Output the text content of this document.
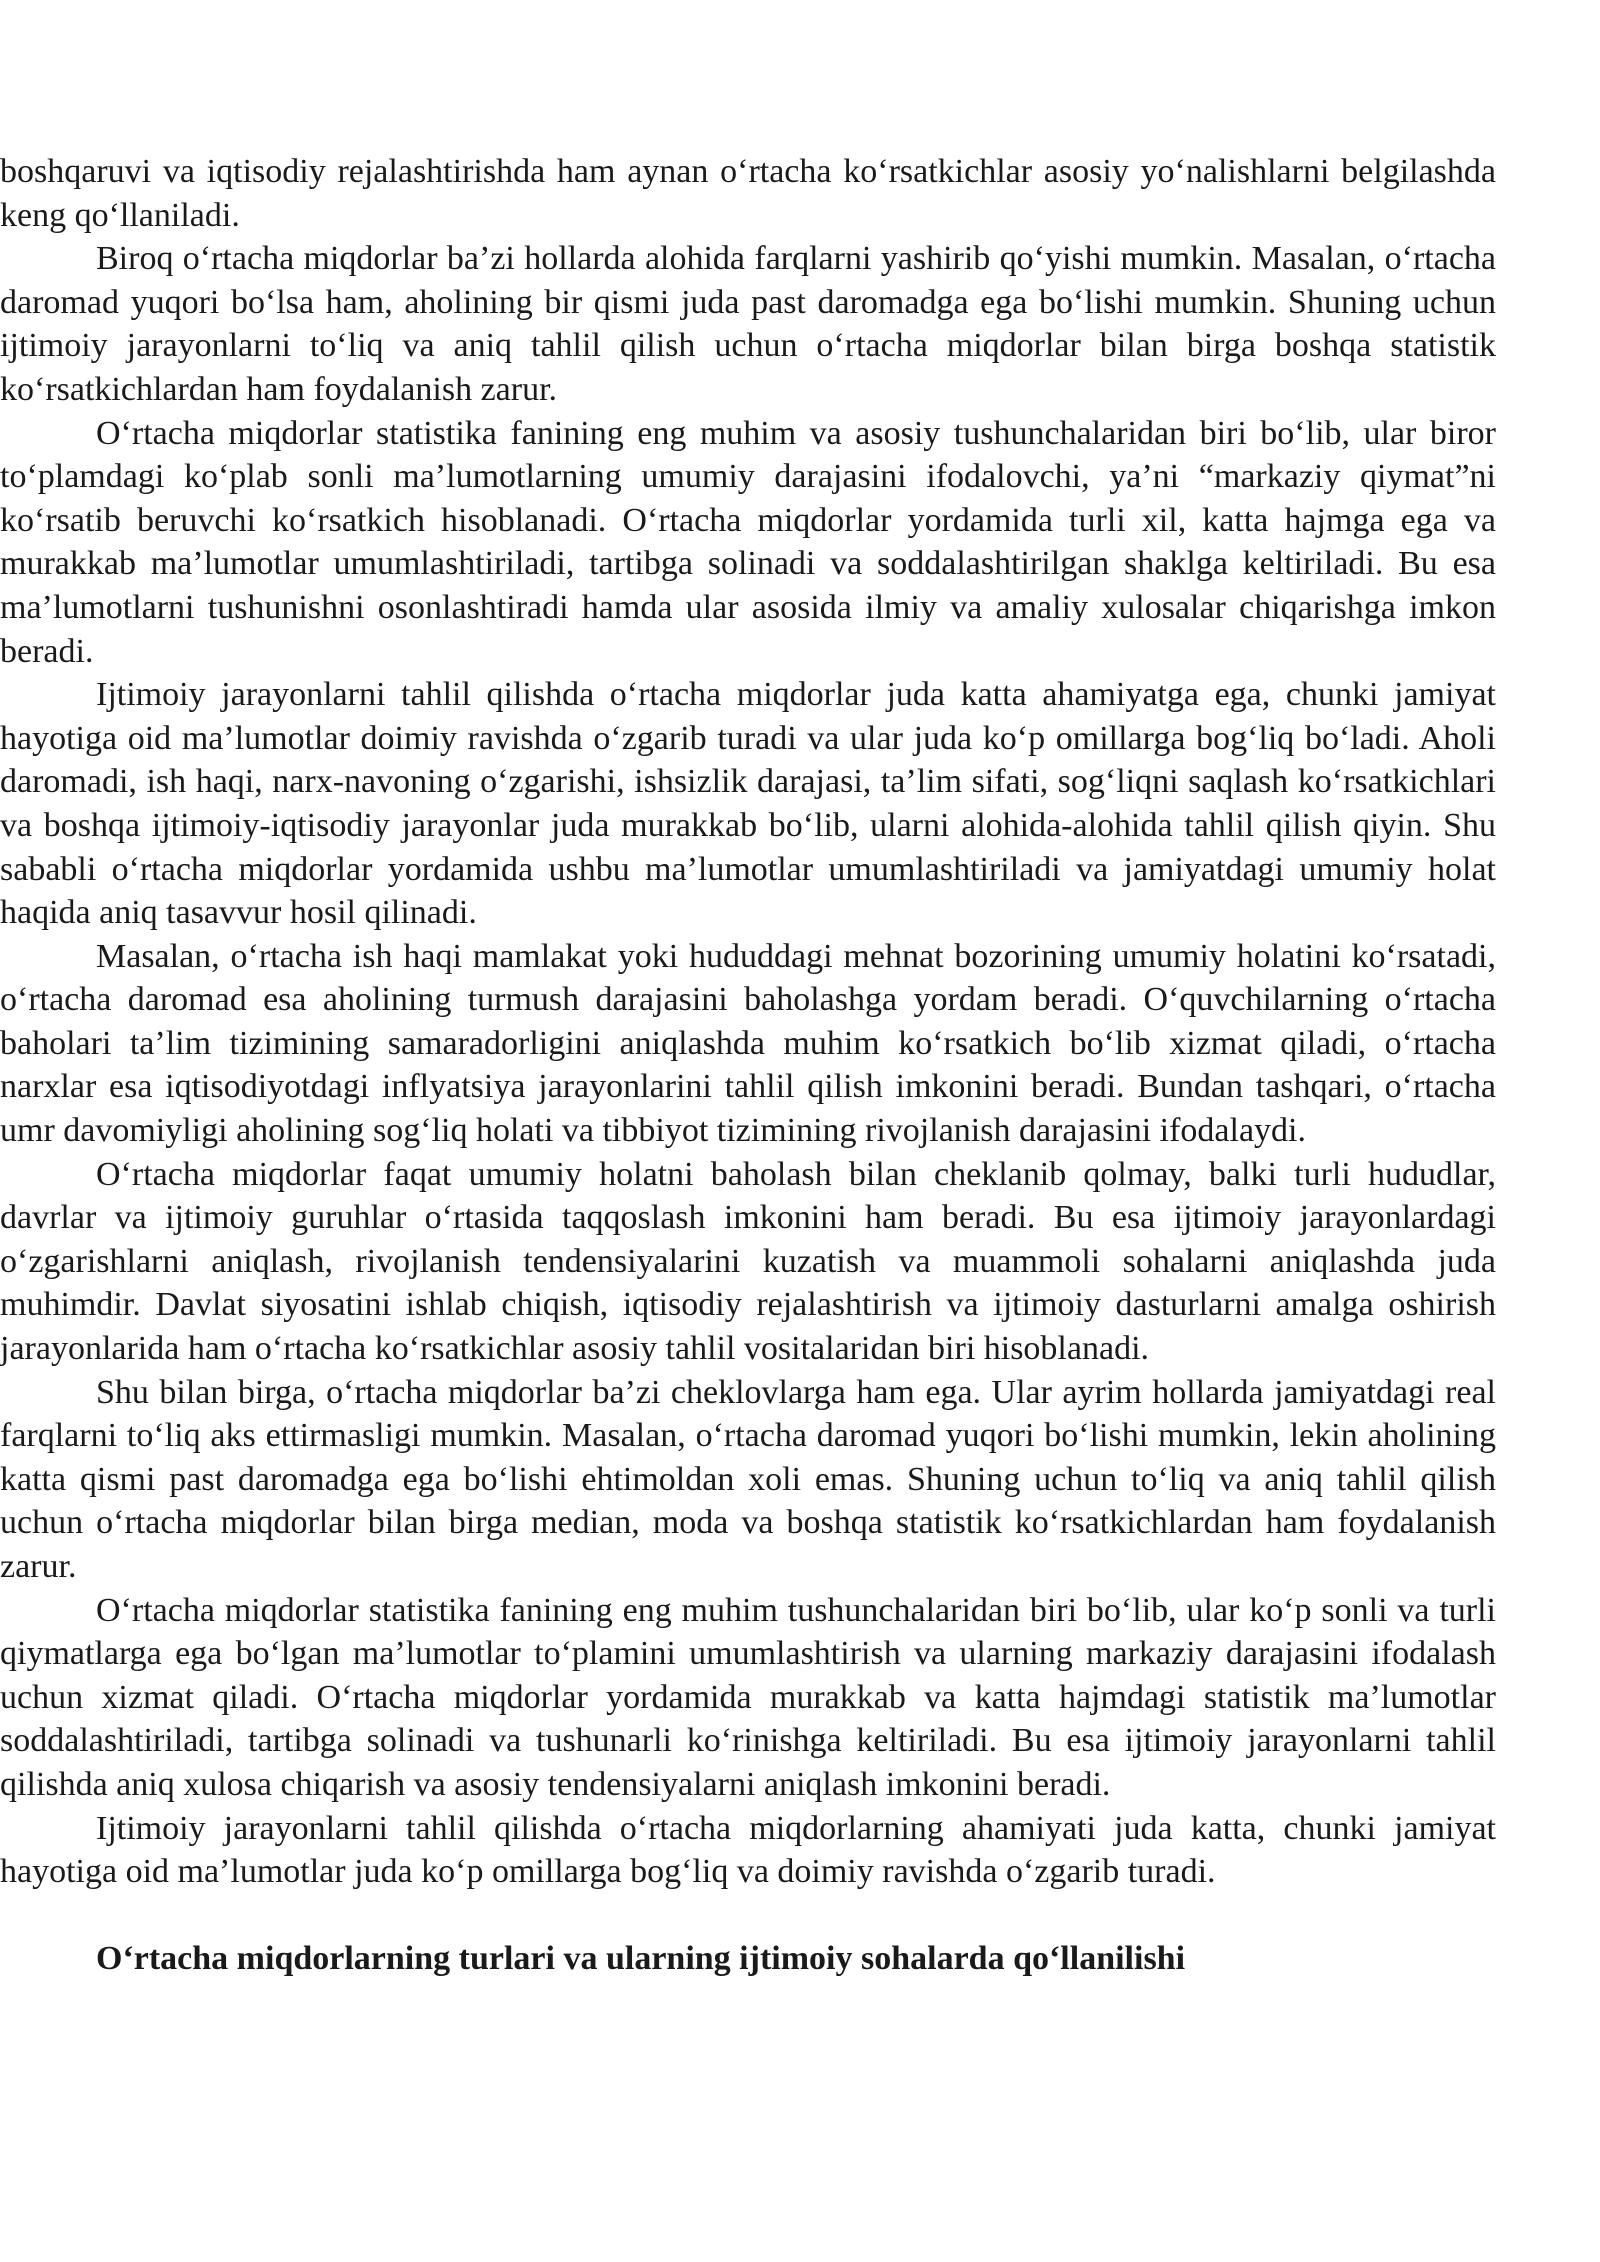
boshqaruvi va iqtisodiy rejalashtirishda ham aynan o‘rtacha ko‘rsatkichlar asosiy yo‘nalishlarni belgilashda keng qo‘llaniladi.

Biroq o‘rtacha miqdorlar ba’zi hollarda alohida farqlarni yashirib qo‘yishi mumkin. Masalan, o‘rtacha daromad yuqori bo‘lsa ham, aholining bir qismi juda past daromadga ega bo‘lishi mumkin. Shuning uchun ijtimoiy jarayonlarni to‘liq va aniq tahlil qilish uchun o‘rtacha miqdorlar bilan birga boshqa statistik ko‘rsatkichlardan ham foydalanish zarur.

O‘rtacha miqdorlar statistika fanining eng muhim va asosiy tushunchalaridan biri bo‘lib, ular biror to‘plamdagi ko‘plab sonli ma’lumotlarning umumiy darajasini ifodalovchi, ya’ni “markaziy qiymat”ni ko‘rsatib beruvchi ko‘rsatkich hisoblanadi. O‘rtacha miqdorlar yordamida turli xil, katta hajmga ega va murakkab ma’lumotlar umumlashtiriladi, tartibga solinadi va soddalashtirilgan shaklga keltiriladi. Bu esa ma’lumotlarni tushunishni osonlashtiradi hamda ular asosida ilmiy va amaliy xulosalar chiqarishga imkon beradi.

Ijtimoiy jarayonlarni tahlil qilishda o‘rtacha miqdorlar juda katta ahamiyatga ega, chunki jamiyat hayotiga oid ma’lumotlar doimiy ravishda o‘zgarib turadi va ular juda ko‘p omillarga bog‘liq bo‘ladi. Aholi daromadi, ish haqi, narx-navoning o‘zgarishi, ishsizlik darajasi, ta’lim sifati, sog‘liqni saqlash ko‘rsatkichlari va boshqa ijtimoiy-iqtisodiy jarayonlar juda murakkab bo‘lib, ularni alohida-alohida tahlil qilish qiyin. Shu sababli o‘rtacha miqdorlar yordamida ushbu ma’lumotlar umumlashtiriladi va jamiyatdagi umumiy holat haqida aniq tasavvur hosil qilinadi.

Masalan, o‘rtacha ish haqi mamlakat yoki hududdagi mehnat bozorining umumiy holatini ko‘rsatadi, o‘rtacha daromad esa aholining turmush darajasini baholashga yordam beradi. O‘quvchilarning o‘rtacha baholari ta’lim tizimining samaradorligini aniqlashda muhim ko‘rsatkich bo‘lib xizmat qiladi, o‘rtacha narxlar esa iqtisodiyotdagi inflyatsiya jarayonlarini tahlil qilish imkonini beradi. Bundan tashqari, o‘rtacha umr davomiyligi aholining sog‘liq holati va tibbiyot tizimining rivojlanish darajasini ifodalaydi.

O‘rtacha miqdorlar faqat umumiy holatni baholash bilan cheklanib qolmay, balki turli hududlar, davrlar va ijtimoiy guruhlar o‘rtasida taqqoslash imkonini ham beradi. Bu esa ijtimoiy jarayonlardagi o‘zgarishlarni aniqlash, rivojlanish tendensiyalarini kuzatish va muammoli sohalarni aniqlashda juda muhimdir. Davlat siyosatini ishlab chiqish, iqtisodiy rejalashtirish va ijtimoiy dasturlarni amalga oshirish jarayonlarida ham o‘rtacha ko‘rsatkichlar asosiy tahlil vositalaridan biri hisoblanadi.

Shu bilan birga, o‘rtacha miqdorlar ba’zi cheklovlarga ham ega. Ular ayrim hollarda jamiyatdagi real farqlarni to‘liq aks ettirmasligi mumkin. Masalan, o‘rtacha daromad yuqori bo‘lishi mumkin, lekin aholining katta qismi past daromadga ega bo‘lishi ehtimoldan xoli emas. Shuning uchun to‘liq va aniq tahlil qilish uchun o‘rtacha miqdorlar bilan birga median, moda va boshqa statistik ko‘rsatkichlardan ham foydalanish zarur.

O‘rtacha miqdorlar statistika fanining eng muhim tushunchalaridan biri bo‘lib, ular ko‘p sonli va turli qiymatlarga ega bo‘lgan ma’lumotlar to‘plamini umumlashtirish va ularning markaziy darajasini ifodalash uchun xizmat qiladi. O‘rtacha miqdorlar yordamida murakkab va katta hajmdagi statistik ma’lumotlar soddalashtiriladi, tartibga solinadi va tushunarli ko‘rinishga keltiriladi. Bu esa ijtimoiy jarayonlarni tahlil qilishda aniq xulosa chiqarish va asosiy tendensiyalarni aniqlash imkonini beradi.

Ijtimoiy jarayonlarni tahlil qilishda o‘rtacha miqdorlarning ahamiyati juda katta, chunki jamiyat hayotiga oid ma’lumotlar juda ko‘p omillarga bog‘liq va doimiy ravishda o‘zgarib turadi.

O‘rtacha miqdorlarning turlari va ularning ijtimoiy sohalarda qo‘llanilishi
